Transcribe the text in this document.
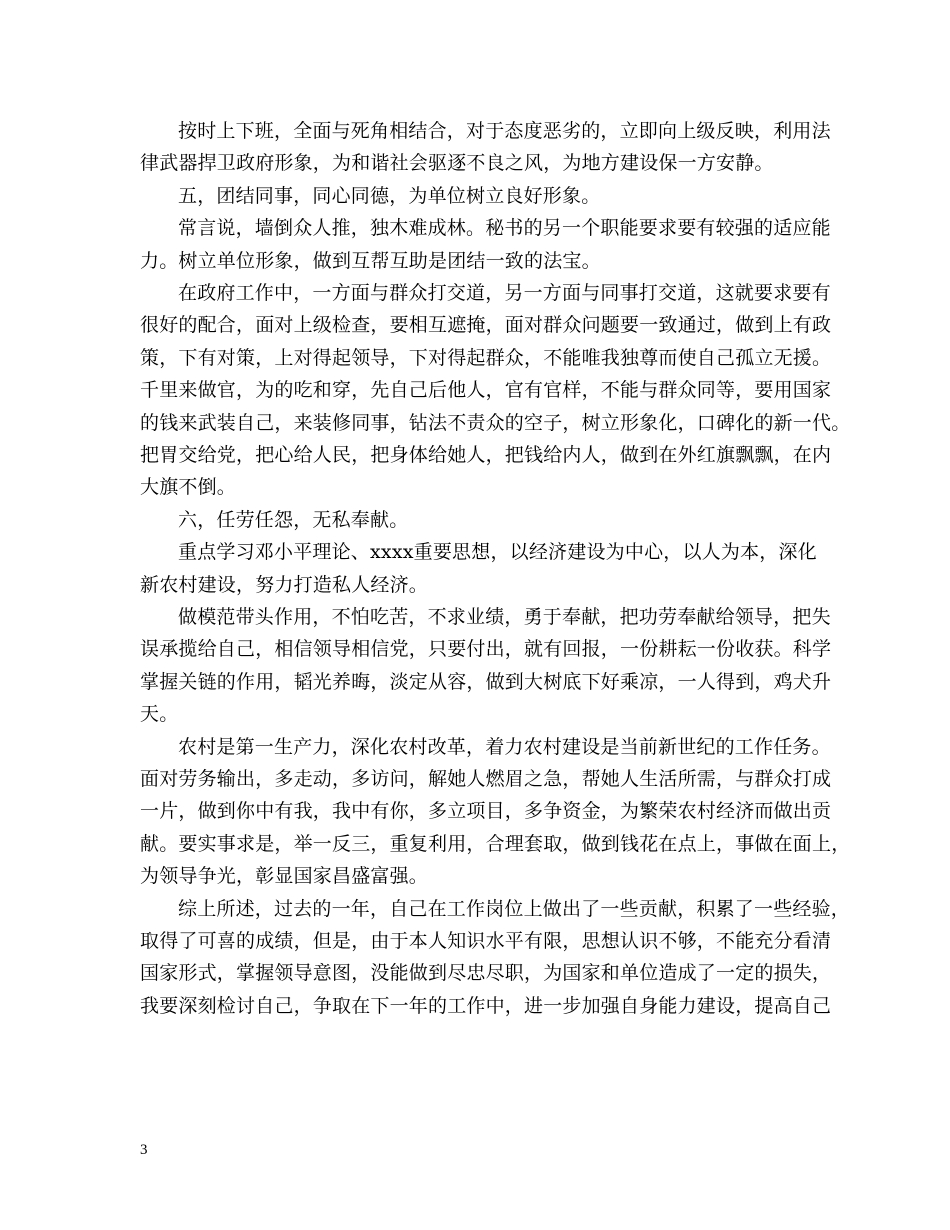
按时上下班，全面与死角相结合，对于态度恶劣的，立即向上级反映，利用法
律武器捍卫政府形象，为和谐社会驱逐不良之风，为地方建设保一方安静。
五，团结同事，同心同德，为单位树立良好形象。
常言说，墙倒众人推，独木难成林。秘书的另一个职能要求要有较强的适应能
力。树立单位形象，做到互帮互助是团结一致的法宝。
在政府工作中，一方面与群众打交道，另一方面与同事打交道，这就要求要有
很好的配合，面对上级检查，要相互遮掩，面对群众问题要一致通过，做到上有政
策，下有对策，上对得起领导，下对得起群众，不能唯我独尊而使自己孤立无援。
千里来做官，为的吃和穿，先自己后他人，官有官样，不能与群众同等，要用国家
的钱来武装自己，来装修同事，钻法不责众的空子，树立形象化，口碑化的新一代。
把胃交给党，把心给人民，把身体给她人，把钱给内人，做到在外红旗飘飘，在内
大旗不倒。
六，任劳任怨，无私奉献。
重点学习邓小平理论、xxxx重要思想，以经济建设为中心，以人为本，深化
新农村建设，努力打造私人经济。
做模范带头作用，不怕吃苦，不求业绩，勇于奉献，把功劳奉献给领导，把失
误承揽给自己，相信领导相信党，只要付出，就有回报，一份耕耘一份收获。科学
掌握关链的作用，韬光养晦，淡定从容，做到大树底下好乘凉，一人得到，鸡犬升
天。
农村是第一生产力，深化农村改革，着力农村建设是当前新世纪的工作任务。
面对劳务输出，多走动，多访问，解她人燃眉之急，帮她人生活所需，与群众打成
一片，做到你中有我，我中有你，多立项目，多争资金，为繁荣农村经济而做出贡
献。要实事求是，举一反三，重复利用，合理套取，做到钱花在点上，事做在面上，
为领导争光，彰显国家昌盛富强。
综上所述，过去的一年，自己在工作岗位上做出了一些贡献，积累了一些经验，
取得了可喜的成绩，但是，由于本人知识水平有限，思想认识不够，不能充分看清
国家形式，掌握领导意图，没能做到尽忠尽职，为国家和单位造成了一定的损失，
我要深刻检讨自己，争取在下一年的工作中，进一步加强自身能力建设，提高自己
3
